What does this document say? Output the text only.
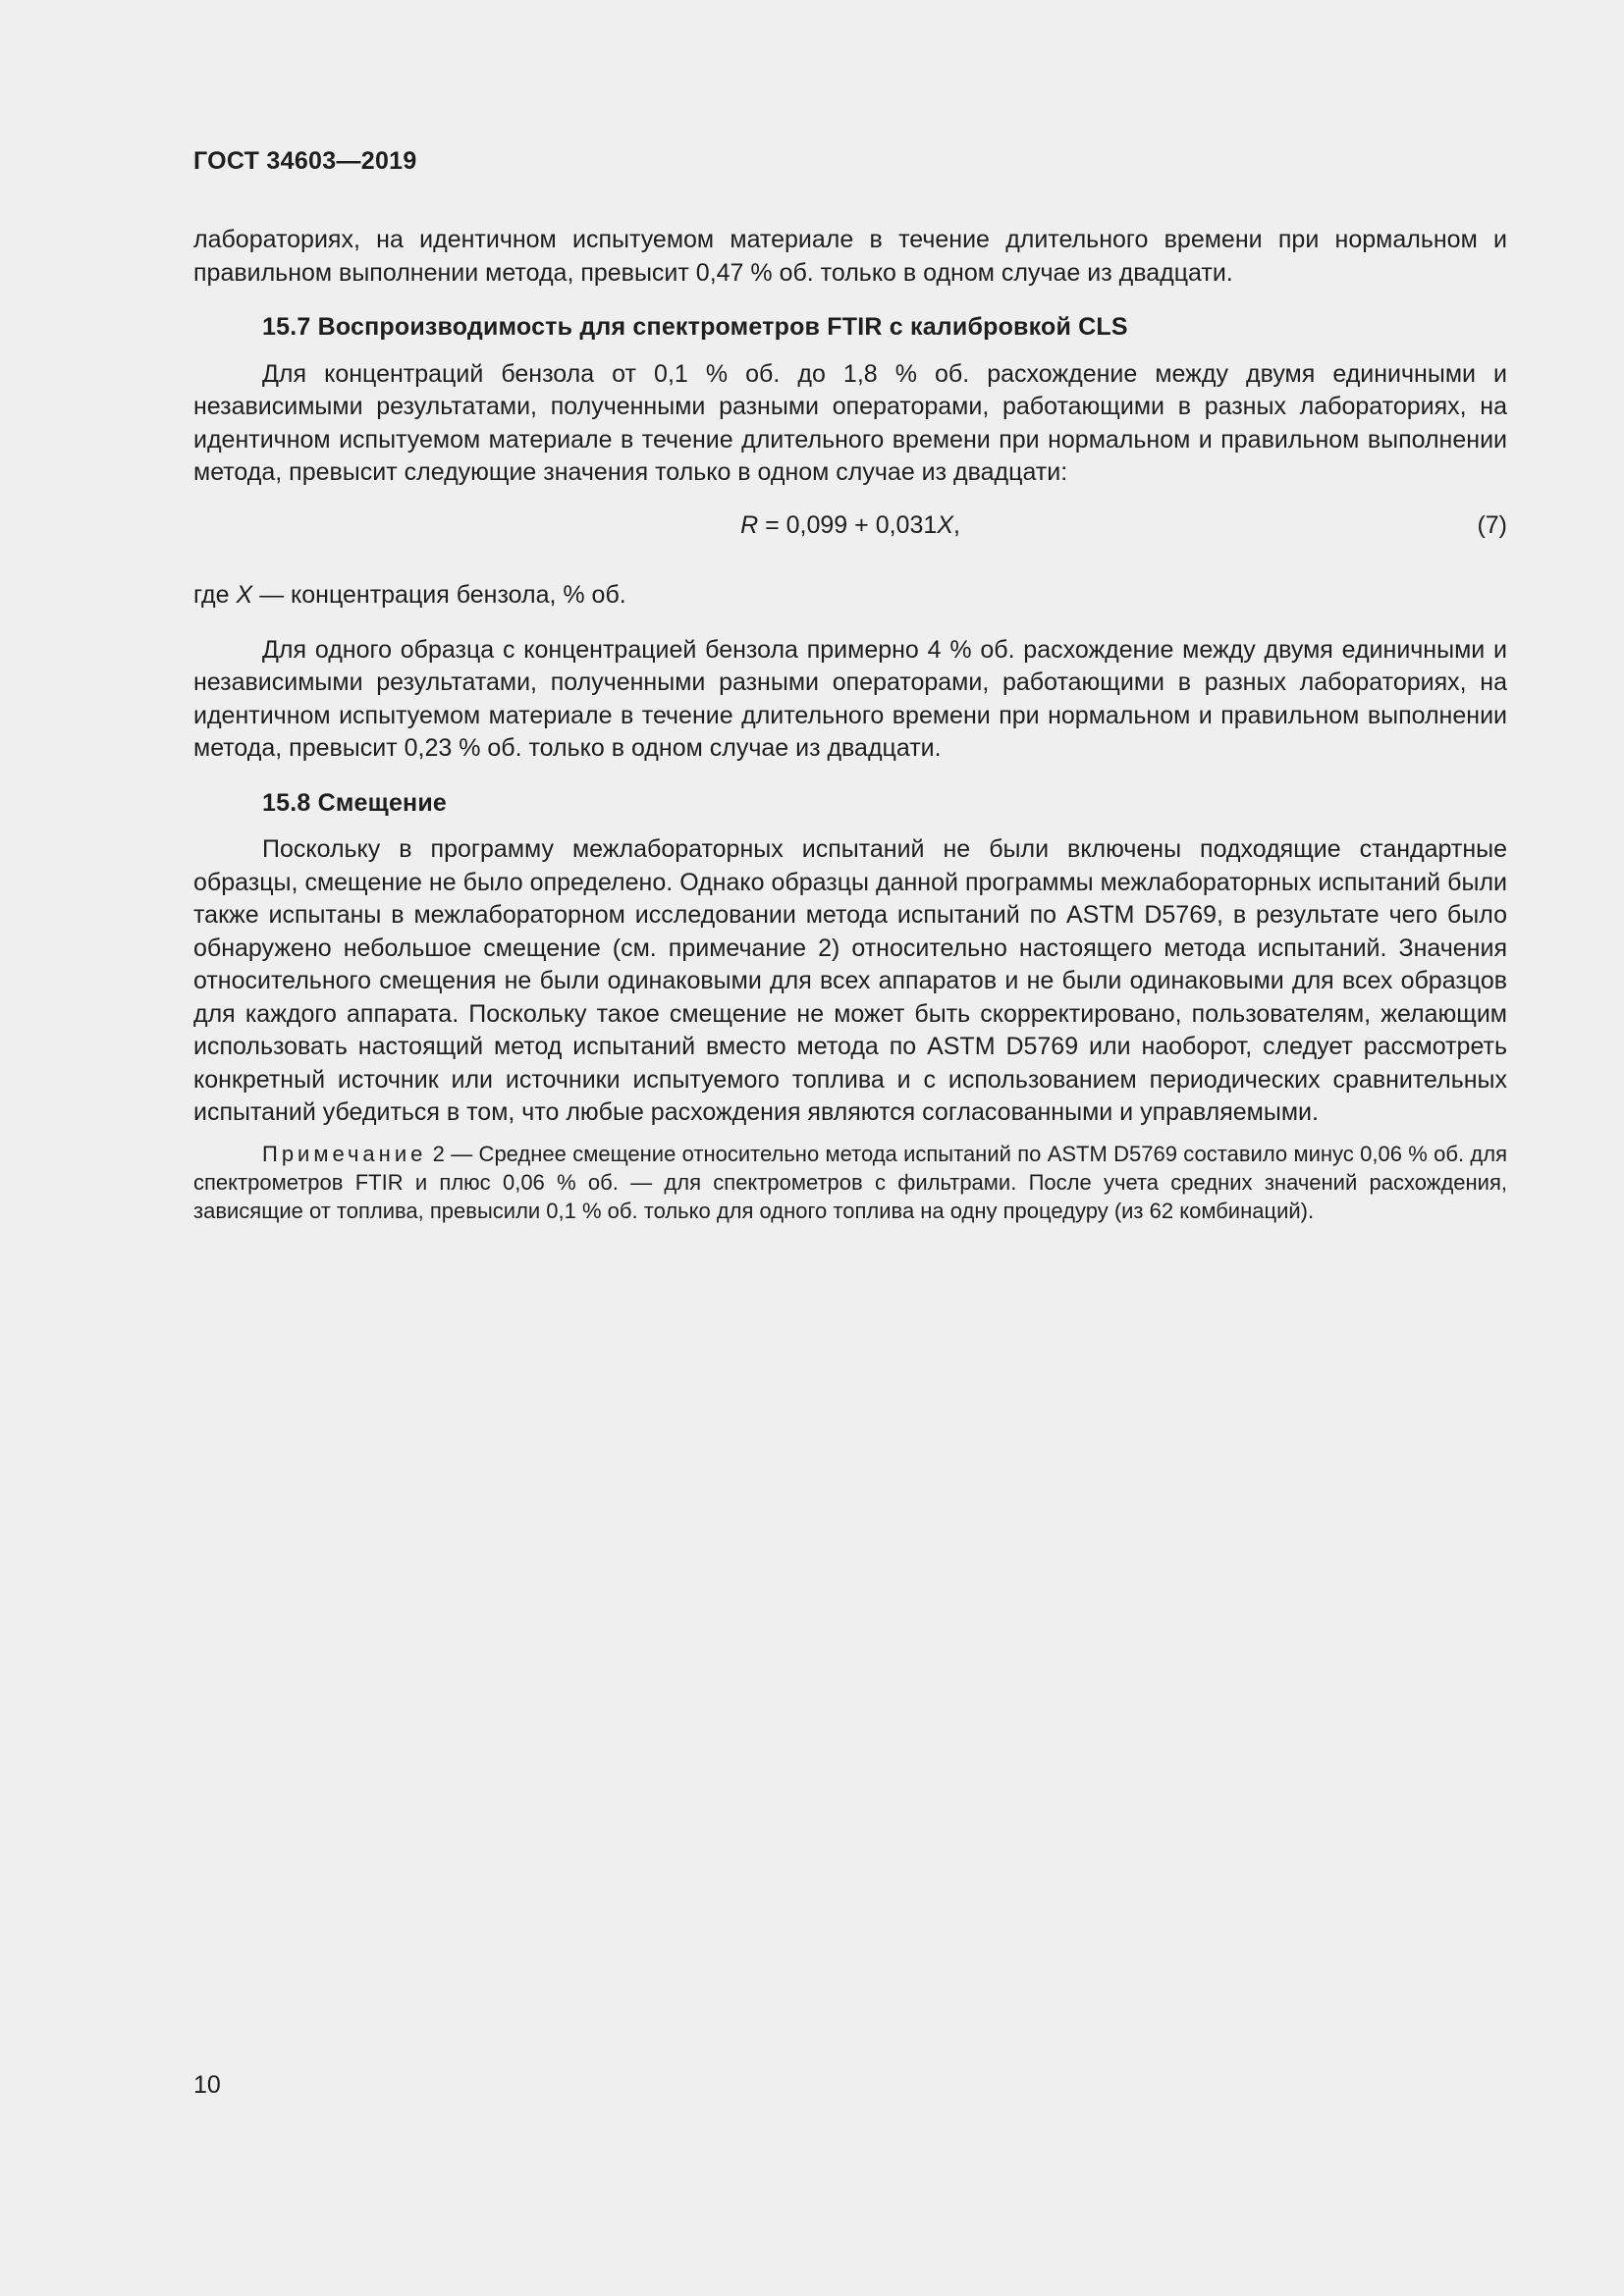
ГОСТ 34603—2019

лабораториях, на идентичном испытуемом материале в течение длительного времени при нормальном и правильном выполнении метода, превысит 0,47 % об. только в одном случае из двадцати.

15.7 Воспроизводимость для спектрометров FTIR с калибровкой CLS

Для концентраций бензола от 0,1 % об. до 1,8 % об. расхождение между двумя единичными и независимыми результатами, полученными разными операторами, работающими в разных лабораториях, на идентичном испытуемом материале в течение длительного времени при нормальном и правильном выполнении метода, превысит следующие значения только в одном случае из двадцати:

R = 0,099 + 0,031X,	(7)

где X — концентрация бензола, % об.

Для одного образца с концентрацией бензола примерно 4 % об. расхождение между двумя единичными и независимыми результатами, полученными разными операторами, работающими в разных лабораториях, на идентичном испытуемом материале в течение длительного времени при нормальном и правильном выполнении метода, превысит 0,23 % об. только в одном случае из двадцати.

15.8 Смещение

Поскольку в программу межлабораторных испытаний не были включены подходящие стандартные образцы, смещение не было определено. Однако образцы данной программы межлабораторных испытаний были также испытаны в межлабораторном исследовании метода испытаний по ASTM D5769, в результате чего было обнаружено небольшое смещение (см. примечание 2) относительно настоящего метода испытаний. Значения относительного смещения не были одинаковыми для всех аппаратов и не были одинаковыми для всех образцов для каждого аппарата. Поскольку такое смещение не может быть скорректировано, пользователям, желающим использовать настоящий метод испытаний вместо метода по ASTM D5769 или наоборот, следует рассмотреть конкретный источник или источники испытуемого топлива и с использованием периодических сравнительных испытаний убедиться в том, что любые расхождения являются согласованными и управляемыми.

Примечание 2 — Среднее смещение относительно метода испытаний по ASTM D5769 составило минус 0,06 % об. для спектрометров FTIR и плюс 0,06 % об. — для спектрометров с фильтрами. После учета средних значений расхождения, зависящие от топлива, превысили 0,1 % об. только для одного топлива на одну процедуру (из 62 комбинаций).
10
